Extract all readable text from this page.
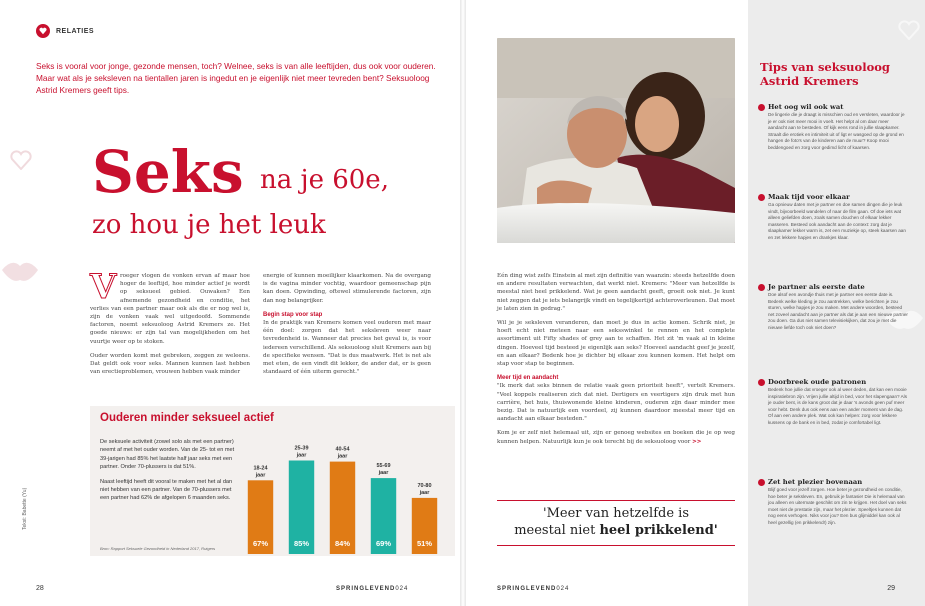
RELATIES
Seks is vooral voor jonge, gezonde mensen, toch? Welnee, seks is van alle leeftijden, dus ook voor ouderen. Maar wat als je seksleven na tientallen jaren is ingedut en je eigenlijk niet meer tevreden bent? Seksuoloog Astrid Kremers geeft tips.
Seks na je 60e,
zo hou je het leuk

Vroeger vlogen de vonken ervan af maar hoe hoger de leeftijd, hoe minder actief je wordt op seksueel gebied. Ouwaken? Een afnemende gezondheid en conditie, het verlies van een partner maar ook als die er nog wel is, zijn de vonken vaak wel uitgedoofd. Sommende factoren, noemt seksuoloog Astrid Kremers ze. Het goede nieuws: er zijn tal van mogelijkheden om het vuurtje weer op te stoken.

Ouder worden komt met gebreken, zeggen ze weleens. Dat geldt ook voor seks. Mannen kunnen last hebben van erectieproblemen, vrouwen hebben vaak minder

energie of kunnen moeilijker klaarkomen. Na de overgang is de vagina minder vochtig, waardoor gemeenschap pijn kan doen. Opwinding, oftewel stimulerende factoren, zijn dan nog belangrijker.

Begin stap voor stap

In de praktijk van Kremers komen veel ouderen met maar één doel: zorgen dat het seksleven weer naar tevredenheid is. Wanneer dat precies het geval is, is voor iedereen verschillend. Als seksuoloog sluit Kremers aan bij de specifieke wensen. "Dat is dus maatwerk. Het is net als met eten, de een vindt dit lekker, de ander dat, er is geen standaard of één uiterm gerecht."

Ouderen minder seksueel actief

De seksuele activiteit (zowel solo als met een partner) neemt af met het ouder worden. Van de 25- tot en met 39-jarigen had 85% het laatste half jaar seks met een partner. Onder 70-plussers is dat 51%.

Naast leeftijd heeft dit vooral te maken met het al dan niet hebben van een partner. Van de 70-plussers met een partner had 62% de afgelopen 6 maanden seks.

Bron: Rapport Seksuele Gezondheid in Nederland 2017, Rutgers
18-24
jaar
67%
25-39
jaar
85%
40-54
jaar
84%
55-69
jaar
69%
70-80
jaar
51%
Tekst: Babette (Yu)
28	SPRINGLEVEND024

Eén ding wist zelfs Einstein al met zijn definitie van waanzin: steeds hetzelfde doen en andere resultaten verwachten, dat werkt niet. Kremers: "Meer van hetzelfde is meestal niet heel prikkelend. Wat je geen aandacht geeft, groeit ook niet. Je kunt niet zeggen dat je iets belangrijk vindt en tegelijkertijd achteroverleunen. Dat moet je laten zien in gedrag."

Wil je je seksleven veranderen, dan moet je dus in actie komen. Schrik niet, je hoeft echt niet meteen naar een seksswinkel te rennen en het complete assortiment uit Fifty shades of grey aan te schaffen. Het zit 'm vaak al in kleine dingen. Hoeveel tijd besteed je eigenlijk aan seks? Hoeveel aandacht geef je jezelf, en aan elkaar? Bedenk hoe je dichter bij elkaar zou kunnen komen. Het helpt om stap voor stap te beginnen.

Meer tijd en aandacht

"Ik merk dat seks binnen de relatie vaak geen prioriteit heeft", vertelt Kremers. "Veel koppels realiseren zich dat niet. Dertigers en veertigers zijn druk met hun carrière, het huis, thuiswonende kleine kinderen, ouderen zijn daar minder mee bezig. Dat is natuurlijk een voordeel, zij kunnen daardoor meestal meer tijd en aandacht aan elkaar besteden."

Kom je er zelf niet helemaal uit, zijn er genoeg websites en boeken die je op weg kunnen helpen. Natuurlijk kun je ook terecht bij de seksuoloog voor >>

'Meer van hetzelfde is
meestal niet heel prikkelend'
SPRINGLEVEND024
Tips van seksuoloog Astrid Kremers
Het oog wil ook wat
De lingerie die je draagt is misschien oud en versleten, waardoor je je er ook niet meer mooi in voelt. Het helpt al om daar meer aandacht aan te besteden. Of kijk eens rond in jullie slaapkamer. Straalt die erotiek en intimiteit uit of ligt er wasgoed op de grond en hangen de foto's van de kinderen aan de muur? Koop mooi beddengoed en zorg voor gedimd licht of kaarsen.
Maak tijd voor elkaar
Ga opnieuw daten met je partner en doe samen dingen die je leuk vindt, bijvoorbeeld wandelen of naar de film gaan. Of doe iets wat alleen geliefden doen, zoals samen douchen of elkaar lekker masseren. Besteed ook aandacht aan de context: zorg dat je slaapkamer lekker warm is, zet een muziekje op, steek kaarsen aan en zet lekkere hapjes en drankjes klaar.
Je partner als eerste date
Doe alsof een avondje thuis met je partner een eerste date is. Bedenk welke kleding je zou aantrekken, welke berichten je zou sturen, welke hapjes je zou maken. Met andere woorden, besteed net zoveel aandacht aan je partner als dat je aan een nieuwe partner zou doen. Ga dus niet samen televisiekijken, dat zou je met die nieuwe liefde toch ook niet doen?
Doorbreek oude patronen
Bedenk hoe jullie dat vroeger ook al weer deden, dat kan een mooie inspiratiebron zijn. Vrijen jullie altijd in bed, voor het slapengaan? Als je ouder bent, is de kans groot dat je daar 's avonds geen puf meer voor hebt. Denk dus ook eens aan een ander moment van de dag. Of aan een andere plek. Wat ook kan helpen: zorg voor lekkere kussens op de bank en in bed, zodat je comfortabel ligt.
Zet het plezier bovenaan
Blijf goed voor jezelf zorgen. Hoe beter je gezondheid en conditie, hoe beter je seksleven. En, gebruik je fantasie! Die is helemaal van jou alleen en uitermate geschikt om zin te krijgen. Het doel van seks moet niet de prestatie zijn, maar het plezier. Speeltjes kunnen dat nog eens verhogen. Niks voor jou? Een bus glijmiddel kan ook al heel gezellig (en prikkelend!) zijn.
29
